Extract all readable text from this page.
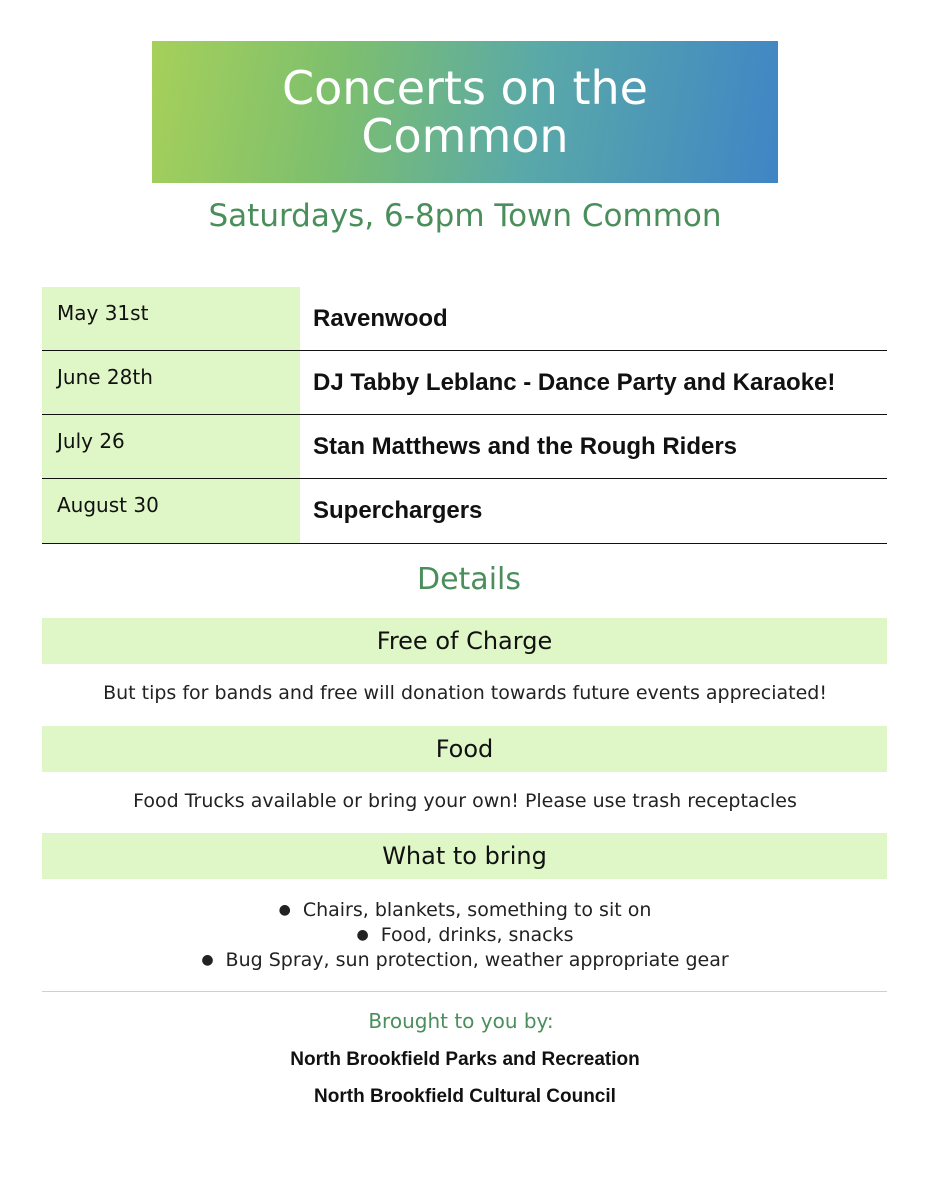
Concerts on the Common
Saturdays, 6-8pm Town Common
May 31st	Ravenwood
June 28th	DJ Tabby Leblanc - Dance Party and Karaoke!
July 26	Stan Matthews and the Rough Riders
August 30	Superchargers
Details
Free of Charge
But tips for bands and free will donation towards future events appreciated!
Food
Food Trucks available or bring your own! Please use trash receptacles
What to bring
● Chairs, blankets, something to sit on
● Food, drinks, snacks
● Bug Spray, sun protection, weather appropriate gear
Brought to you by:
North Brookfield Parks and Recreation
North Brookfield Cultural Council
